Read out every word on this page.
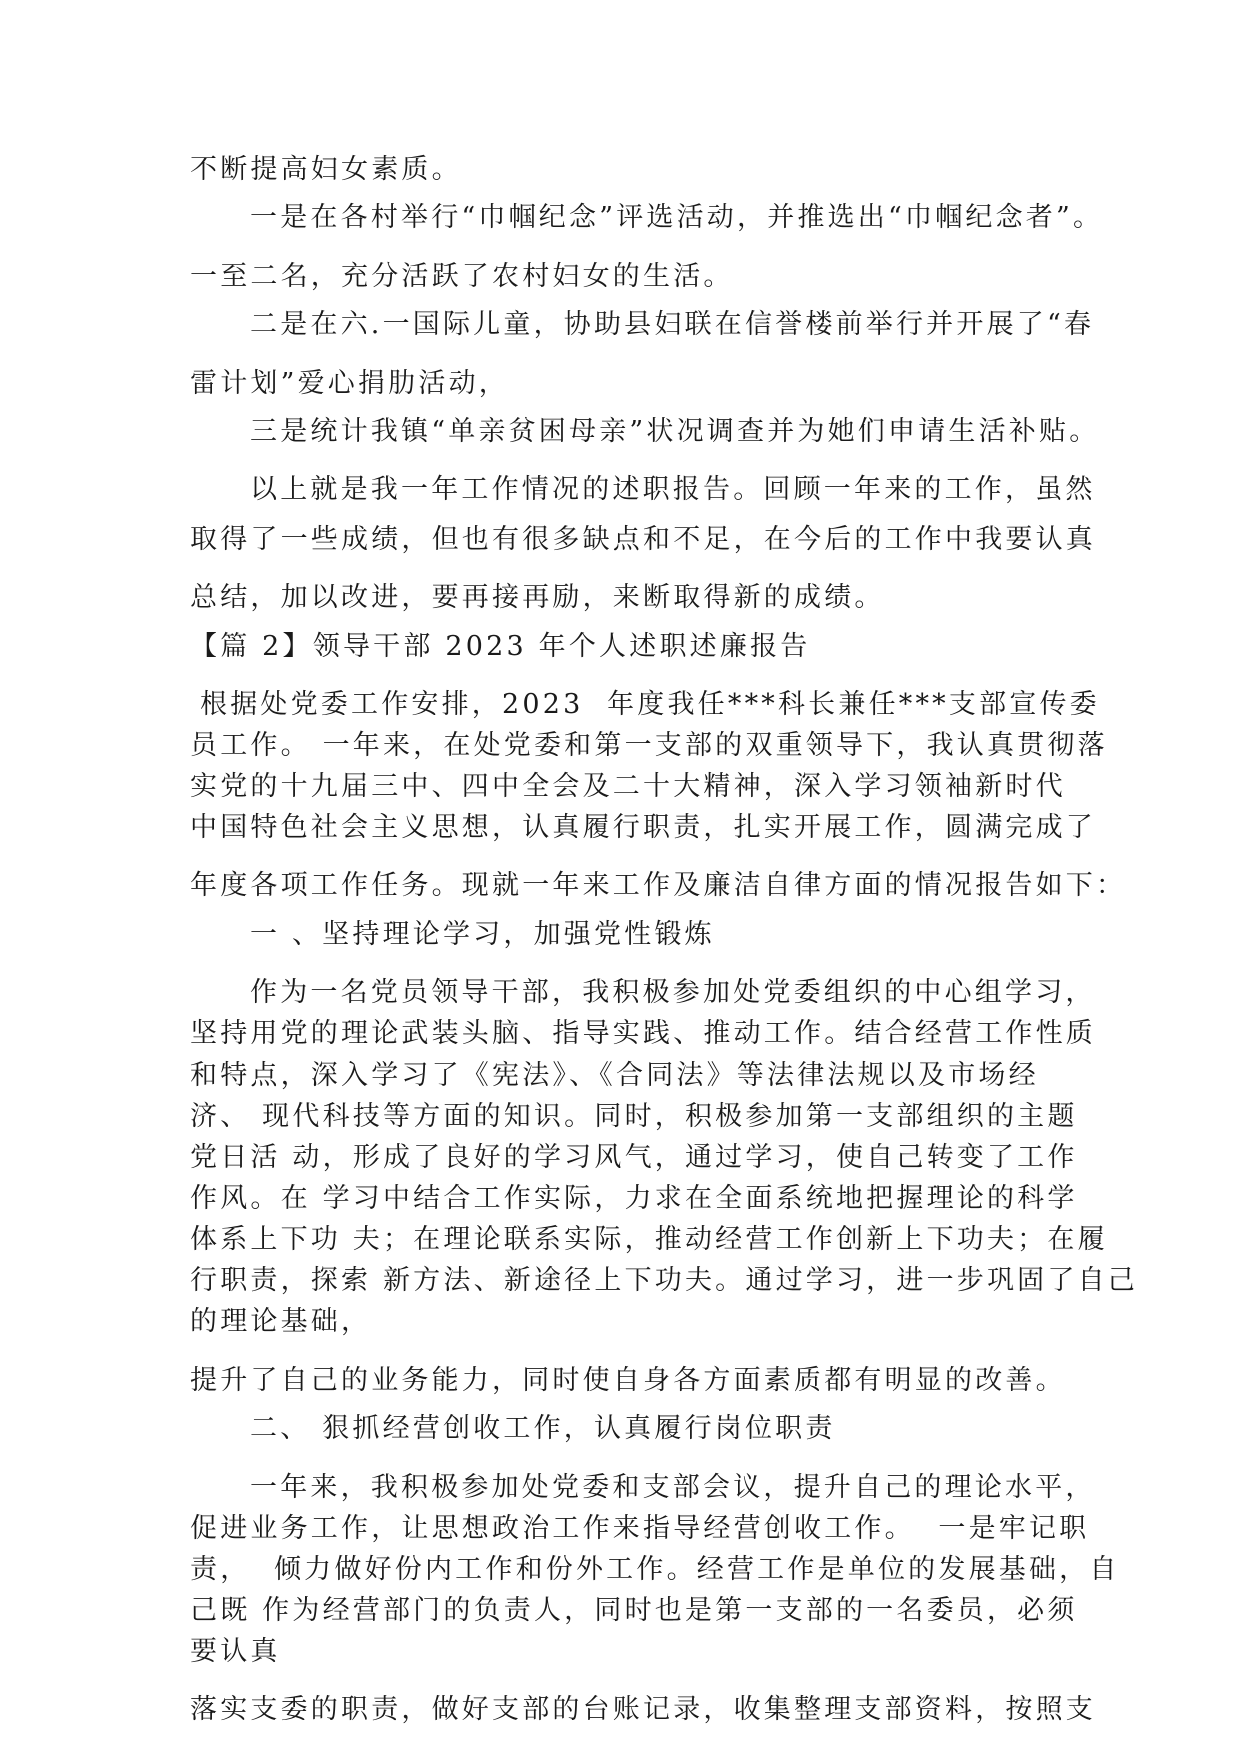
不断提高妇女素质。
一是在各村举行“巾帼纪念”评选活动，并推选出“巾帼纪念者”。
一至二名，充分活跃了农村妇女的生活。
二是在六.一国际儿童，协助县妇联在信誉楼前举行并开展了“春
雷计划”爱心捐肋活动，
三是统计我镇“单亲贫困母亲”状况调查并为她们申请生活补贴。
以上就是我一年工作情况的述职报告。回顾一年来的工作，虽然
取得了一些成绩，但也有很多缺点和不足，在今后的工作中我要认真
总结，加以改进，要再接再励，来断取得新的成绩。
【篇 2】领导干部 2023 年个人述职述廉报告
根据处党委工作安排，2023  年度我任***科长兼任***支部宣传委
员工作。 一年来，在处党委和第一支部的双重领导下，我认真贯彻落
实党的十九届三中、四中全会及二十大精神，深入学习领袖新时代
中国特色社会主义思想，认真履行职责，扎实开展工作，圆满完成了
年度各项工作任务。现就一年来工作及廉洁自律方面的情况报告如下：
一 、坚持理论学习，加强党性锻炼
作为一名党员领导干部，我积极参加处党委组织的中心组学习，
坚持用党的理论武装头脑、指导实践、推动工作。结合经营工作性质
和特点，深入学习了《宪法》、《合同法》等法律法规以及市场经
济、 现代科技等方面的知识。同时，积极参加第一支部组织的主题
党日活 动，形成了良好的学习风气，通过学习，使自己转变了工作
作风。在 学习中结合工作实际，力求在全面系统地把握理论的科学
体系上下功 夫；在理论联系实际，推动经营工作创新上下功夫；在履
行职责，探索 新方法、新途径上下功夫。通过学习，进一步巩固了自己
的理论基础，
提升了自己的业务能力，同时使自身各方面素质都有明显的改善。
二、 狠抓经营创收工作，认真履行岗位职责
一年来，我积极参加处党委和支部会议，提升自己的理论水平，
促进业务工作，让思想政治工作来指导经营创收工作。  一是牢记职
责，  倾力做好份内工作和份外工作。经营工作是单位的发展基础，自
己既 作为经营部门的负责人，同时也是第一支部的一名委员，必须
要认真
落实支委的职责，做好支部的台账记录，收集整理支部资料，按照支
